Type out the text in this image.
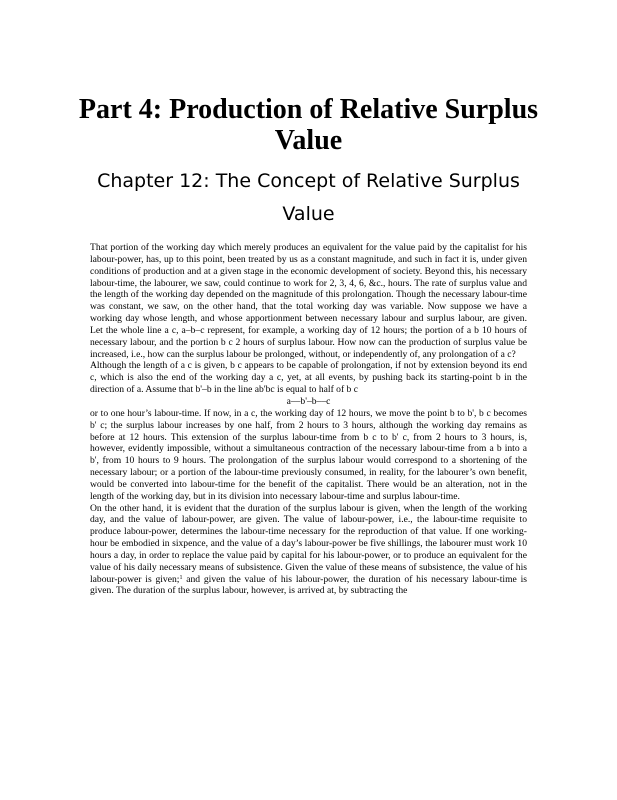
Part 4: Production of Relative Surplus Value
Chapter 12: The Concept of Relative Surplus Value

That portion of the working day which merely produces an equivalent for the value paid by the capitalist for his labour-power, has, up to this point, been treated by us as a constant magnitude, and such in fact it is, under given conditions of production and at a given stage in the economic development of society. Beyond this, his necessary labour-time, the labourer, we saw, could continue to work for 2, 3, 4, 6, &c., hours. The rate of surplus value and the length of the working day depended on the magnitude of this prolongation. Though the necessary labour-time was constant, we saw, on the other hand, that the total working day was variable. Now suppose we have a working day whose length, and whose apportionment between necessary labour and surplus labour, are given. Let the whole line a c, a–b–c represent, for example, a working day of 12 hours; the portion of a b 10 hours of necessary labour, and the portion b c 2 hours of surplus labour. How now can the production of surplus value be increased, i.e., how can the surplus labour be prolonged, without, or independently of, any prolongation of a c?

Although the length of a c is given, b c appears to be capable of prolongation, if not by extension beyond its end c, which is also the end of the working day a c, yet, at all events, by pushing back its starting-point b in the direction of a. Assume that b'–b in the line ab'bc is equal to half of b c

a––b'–b––c

or to one hour’s labour-time. If now, in a c, the working day of 12 hours, we move the point b to b', b c becomes b' c; the surplus labour increases by one half, from 2 hours to 3 hours, although the working day remains as before at 12 hours. This extension of the surplus labour-time from b c to b' c, from 2 hours to 3 hours, is, however, evidently impossible, without a simultaneous contraction of the necessary labour-time from a b into a b', from 10 hours to 9 hours. The prolongation of the surplus labour would correspond to a shortening of the necessary labour; or a portion of the labour-time previously consumed, in reality, for the labourer’s own benefit, would be converted into labour-time for the benefit of the capitalist. There would be an alteration, not in the length of the working day, but in its division into necessary labour-time and surplus labour-time.

On the other hand, it is evident that the duration of the surplus labour is given, when the length of the working day, and the value of labour-power, are given. The value of labour-power, i.e., the labour-time requisite to produce labour-power, determines the labour-time necessary for the reproduction of that value. If one working-hour be embodied in sixpence, and the value of a day’s labour-power be five shillings, the labourer must work 10 hours a day, in order to replace the value paid by capital for his labour-power, or to produce an equivalent for the value of his daily necessary means of subsistence. Given the value of these means of subsistence, the value of his labour-power is given;$^1$ and given the value of his labour-power, the duration of his necessary labour-time is given. The duration of the surplus labour, however, is arrived at, by subtracting the
